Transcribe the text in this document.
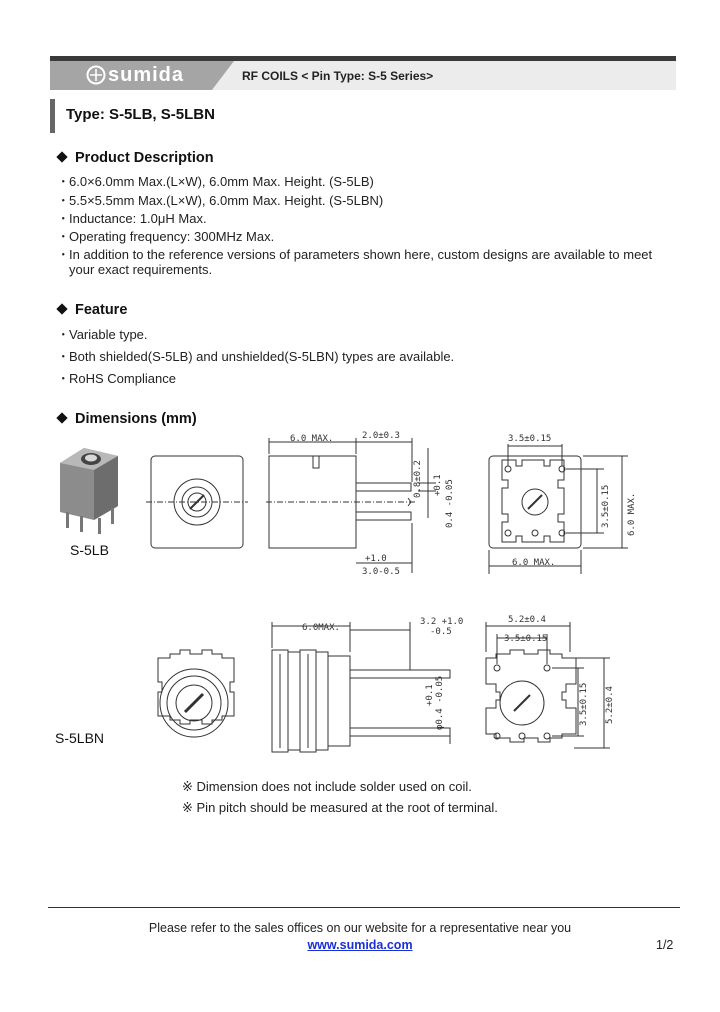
sumida	RF COILS < Pin Type: S-5 Series>
Type: S-5LB, S-5LBN
Product Description
･ 6.0×6.0mm Max.(L×W), 6.0mm Max. Height. (S-5LB)
･ 5.5×5.5mm Max.(L×W), 6.0mm Max. Height. (S-5LBN)
･ Inductance: 1.0μH Max.
･ Operating frequency: 300MHz Max.
･ In addition to the reference versions of parameters shown here, custom designs are available to meet
your exact requirements.
Feature
･ Variable type.
･ Both shielded(S-5LB) and unshielded(S-5LBN) types are available.
･ RoHS Compliance
Dimensions (mm)
6.0 MAX.	2.0±0.3
+1.0
3.0-0.5
0.8±0.2 +0.1 0.4 -0.05
3.5±0.15
6.0 MAX.
3.5±0.15 6.0 MAX.
S-5LB
6.0MAX.
3.2 +1.0
-0.5
+0.1 φ0.4 -0.05
5.2±0.4
3.5±0.15
3.5±0.15 5.2±0.4
S-5LBN
※ Dimension does not include solder used on coil.
※ Pin pitch should be measured at the root of terminal.
Please refer to the sales offices on our website for a representative near you
www.sumida.com	1/2
